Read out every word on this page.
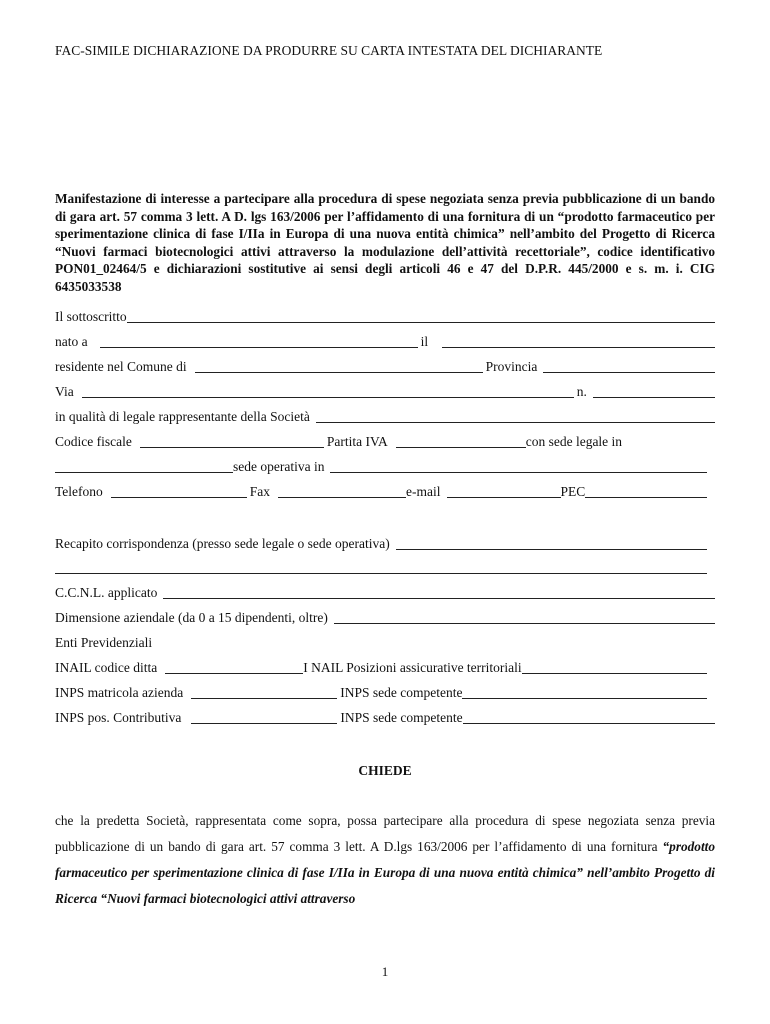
FAC-SIMILE DICHIARAZIONE DA PRODURRE SU CARTA INTESTATA DEL DICHIARANTE
Manifestazione di interesse a partecipare alla procedura di spese negoziata senza previa pubblicazione di un bando di gara art. 57 comma 3 lett. A D. lgs 163/2006 per l’affidamento di una fornitura di un “prodotto farmaceutico per sperimentazione clinica di fase I/IIa in Europa di una nuova entità chimica” nell’ambito del Progetto di Ricerca “Nuovi farmaci biotecnologici attivi attraverso la modulazione dell’attività recettoriale”, codice identificativo PON01_02464/5 e dichiarazioni sostitutive ai sensi degli articoli 46 e 47 del D.P.R. 445/2000 e s. m. i. CIG 6435033538
Il sottoscritto
nato a	il
residente nel Comune di	Provincia
Via	n.
in qualità di legale rappresentante della Società
Codice fiscale	Partita IVA	con sede legale in
sede operativa in
Telefono	Fax	e-mail	PEC
Recapito corrispondenza (presso sede legale o sede operativa)
C.C.N.L. applicato
Dimensione aziendale (da 0 a 15 dipendenti, oltre)
Enti Previdenziali
INAIL codice ditta	I NAIL Posizioni assicurative territoriali
INPS matricola azienda	INPS sede competente
INPS pos. Contributiva	INPS sede competente
CHIEDE
che la predetta Società, rappresentata come sopra, possa partecipare alla procedura di spese negoziata senza previa pubblicazione di un bando di gara art. 57 comma 3 lett. A D.lgs 163/2006 per l’affidamento di una fornitura “prodotto farmaceutico per sperimentazione clinica di fase I/IIa in Europa di una nuova entità chimica” nell’ambito Progetto di Ricerca “Nuovi farmaci biotecnologici attivi attraverso
1
